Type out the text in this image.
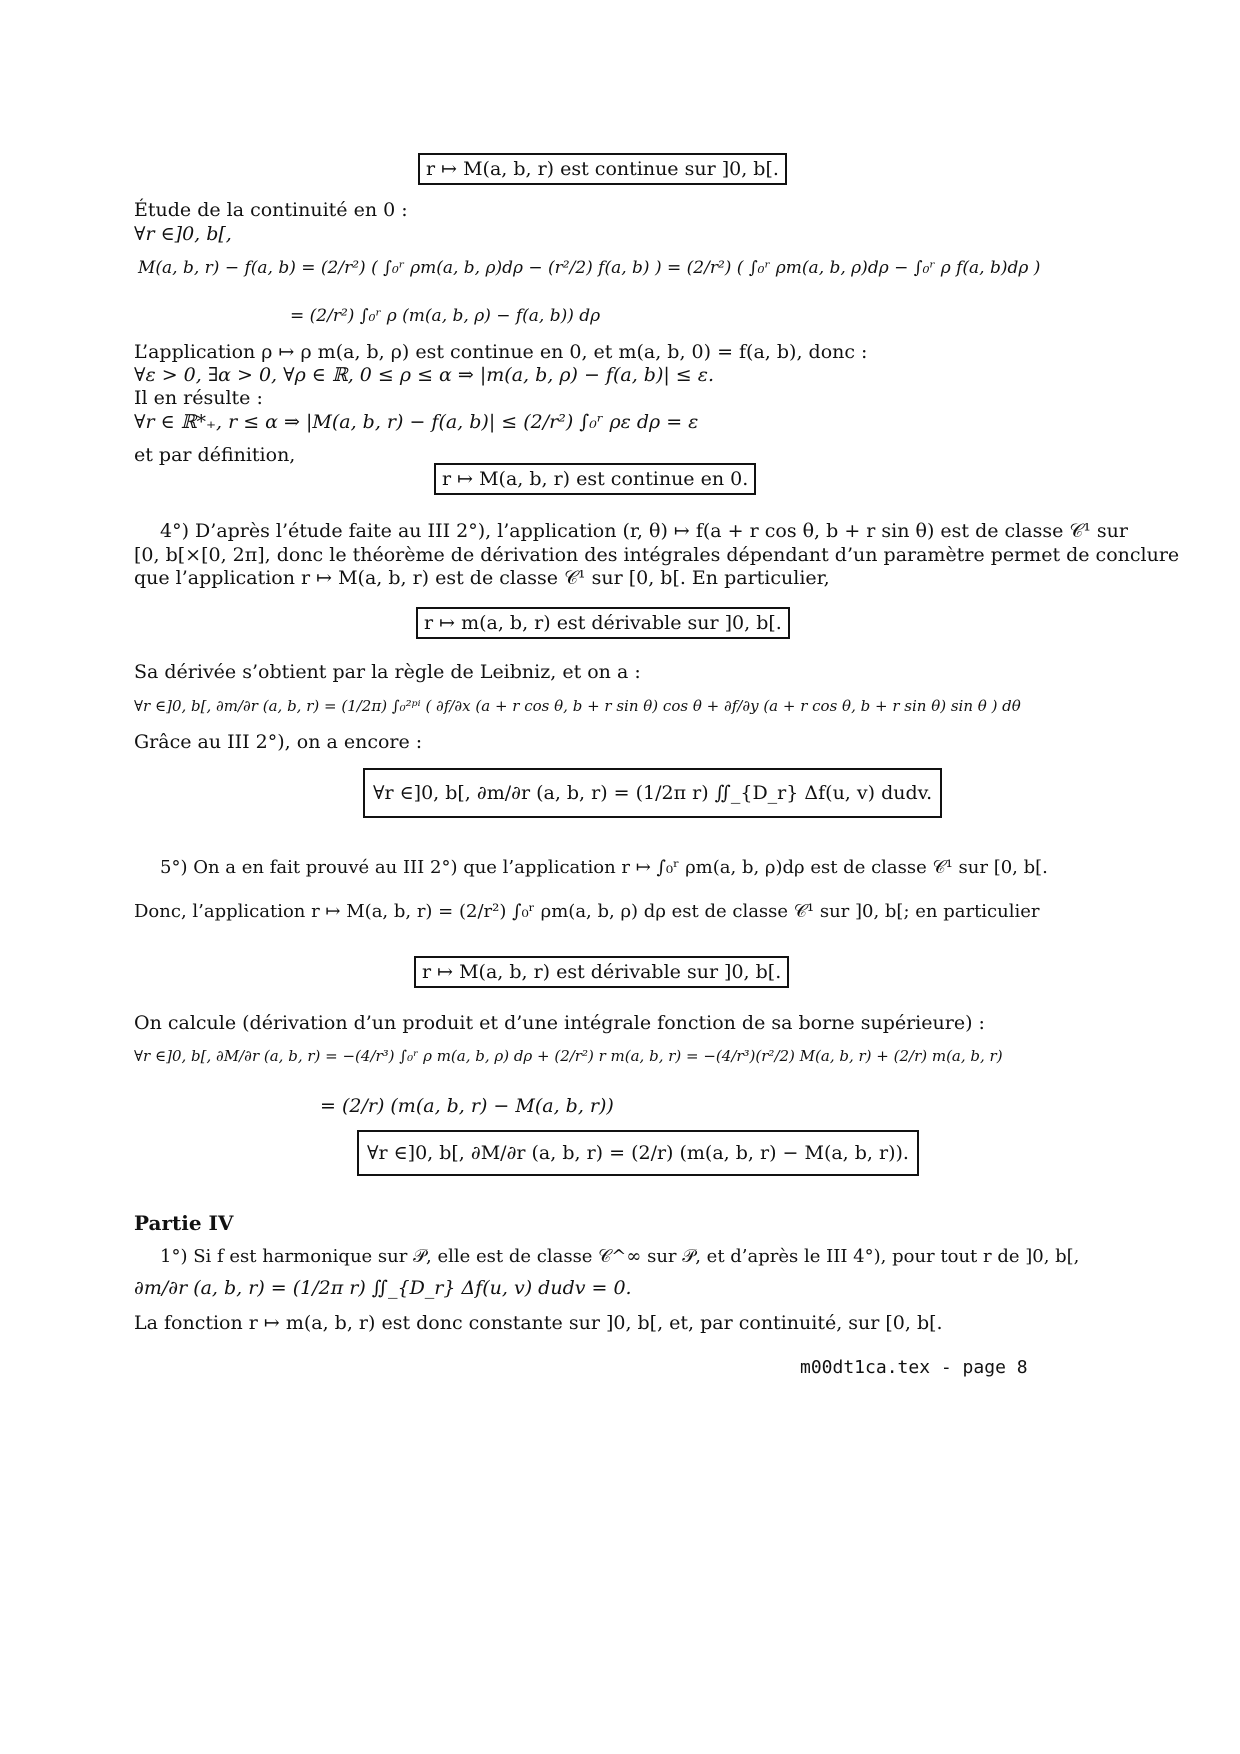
r ↦ M(a, b, r) est continue sur ]0, b[.
Étude de la continuité en 0 :
∀r ∈]0, b[,
M(a, b, r) − f(a, b) = (2/r²) ( ∫₀ʳ ρm(a, b, ρ)dρ − (r²/2) f(a, b) ) = (2/r²) ( ∫₀ʳ ρm(a, b, ρ)dρ − ∫₀ʳ ρ f(a, b)dρ )
= (2/r²) ∫₀ʳ ρ (m(a, b, ρ) − f(a, b)) dρ
L’application ρ ↦ ρ m(a, b, ρ) est continue en 0, et m(a, b, 0) = f(a, b), donc :
∀ε > 0, ∃α > 0, ∀ρ ∈ ℝ, 0 ≤ ρ ≤ α ⇒ |m(a, b, ρ) − f(a, b)| ≤ ε.
Il en résulte :
∀r ∈ ℝ*₊, r ≤ α ⇒ |M(a, b, r) − f(a, b)| ≤ (2/r²) ∫₀ʳ ρε dρ = ε
et par définition,
r ↦ M(a, b, r) est continue en 0.
4°) D’après l’étude faite au III 2°), l’application (r, θ) ↦ f(a + r cos θ, b + r sin θ) est de classe 𝒞¹ sur
[0, b[×[0, 2π], donc le théorème de dérivation des intégrales dépendant d’un paramètre permet de conclure
que l’application r ↦ M(a, b, r) est de classe 𝒞¹ sur [0, b[. En particulier,
r ↦ m(a, b, r) est dérivable sur ]0, b[.
Sa dérivée s’obtient par la règle de Leibniz, et on a :
∀r ∈]0, b[, ∂m/∂r (a, b, r) = (1/2π) ∫₀²ᵖⁱ ( ∂f/∂x (a + r cos θ, b + r sin θ) cos θ + ∂f/∂y (a + r cos θ, b + r sin θ) sin θ ) dθ
Grâce au III 2°), on a encore :
∀r ∈]0, b[, ∂m/∂r (a, b, r) = (1/2π r) ∬_{D_r} Δf(u, v) dudv.
5°) On a en fait prouvé au III 2°) que l’application r ↦ ∫₀ʳ ρm(a, b, ρ)dρ est de classe 𝒞¹ sur [0, b[.
Donc, l’application r ↦ M(a, b, r) = (2/r²) ∫₀ʳ ρm(a, b, ρ) dρ est de classe 𝒞¹ sur ]0, b[; en particulier
r ↦ M(a, b, r) est dérivable sur ]0, b[.
On calcule (dérivation d’un produit et d’une intégrale fonction de sa borne supérieure) :
∀r ∈]0, b[, ∂M/∂r (a, b, r) = −(4/r³) ∫₀ʳ ρ m(a, b, ρ) dρ + (2/r²) r m(a, b, r) = −(4/r³)(r²/2) M(a, b, r) + (2/r) m(a, b, r)
= (2/r) (m(a, b, r) − M(a, b, r))
∀r ∈]0, b[, ∂M/∂r (a, b, r) = (2/r) (m(a, b, r) − M(a, b, r)).
Partie IV
1°) Si f est harmonique sur 𝒫, elle est de classe 𝒞^∞ sur 𝒫, et d’après le III 4°), pour tout r de ]0, b[,
∂m/∂r (a, b, r) = (1/2π r) ∬_{D_r} Δf(u, v) dudv = 0.
La fonction r ↦ m(a, b, r) est donc constante sur ]0, b[, et, par continuité, sur [0, b[.
m00dt1ca.tex - page 8
